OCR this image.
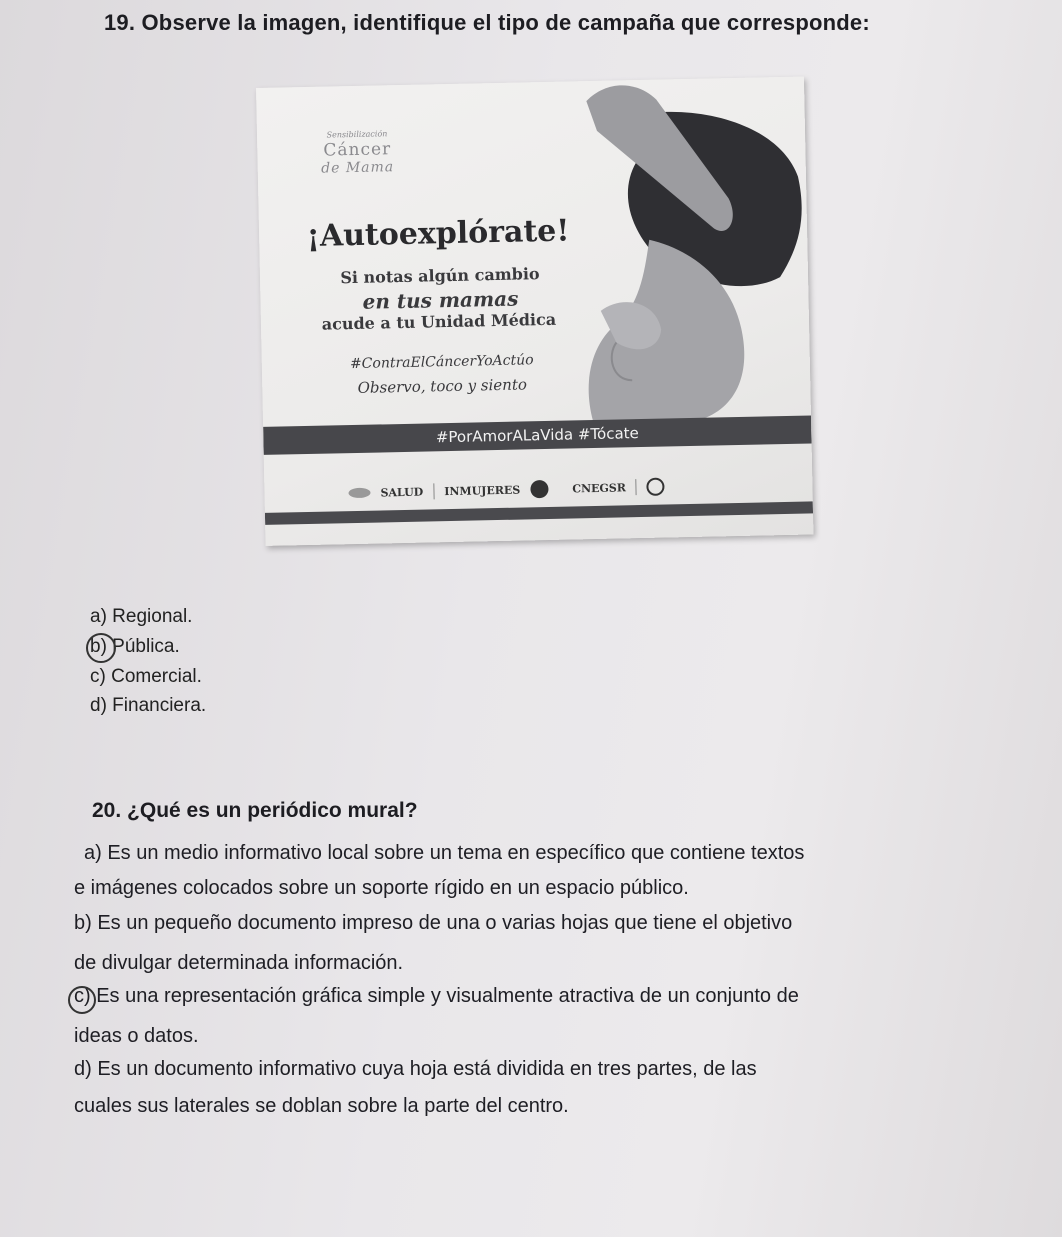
19. Observe la imagen, identifique el tipo de campaña que corresponde:
Sensibilización
Cáncer
de Mama
¡Autoexplórate!
Si notas algún cambio
en tus mamas
acude a tu Unidad Médica
#ContraElCáncerYoActúo
Observo, toco y siento
#PorAmorALaVida #Tócate
SALUD INMUJERES	CNEGSR
a) Regional.
b) Pública.
c) Comercial.
d) Financiera.
20. ¿Qué es un periódico mural?
a) Es un medio informativo local sobre un tema en específico que contiene textos
e imágenes colocados sobre un soporte rígido en un espacio público.
b) Es un pequeño documento impreso de una o varias hojas que tiene el objetivo
de divulgar determinada información.
c) Es una representación gráfica simple y visualmente atractiva de un conjunto de
ideas o datos.
d) Es un documento informativo cuya hoja está dividida en tres partes, de las
cuales sus laterales se doblan sobre la parte del centro.
